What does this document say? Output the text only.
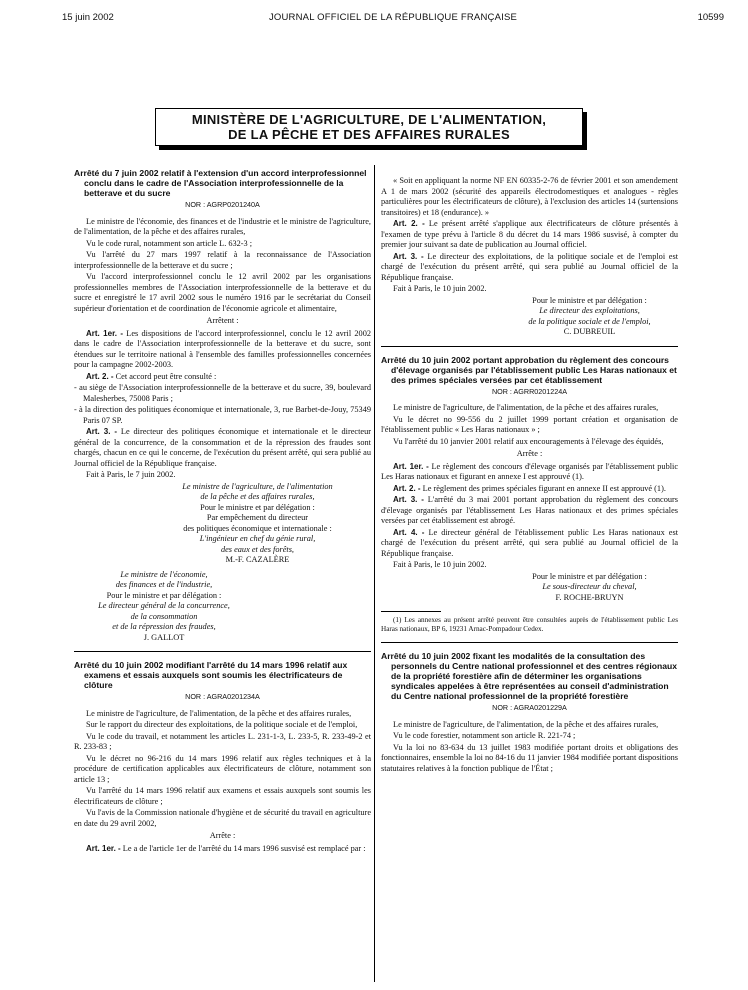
15 juin 2002	JOURNAL OFFICIEL DE LA RÉPUBLIQUE FRANÇAISE	10599
MINISTÈRE DE L'AGRICULTURE, DE L'ALIMENTATION,
DE LA PÊCHE ET DES AFFAIRES RURALES

Arrêté du 7 juin 2002 relatif à l'extension d'un accord interprofessionnel conclu dans le cadre de l'Association interprofessionnelle de la betterave et du sucre

NOR : AGRP0201240A

Le ministre de l'économie, des finances et de l'industrie et le ministre de l'agriculture, de l'alimentation, de la pêche et des affaires rurales,

Vu le code rural, notamment son article L. 632-3 ;

Vu l'arrêté du 27 mars 1997 relatif à la reconnaissance de l'Association interprofessionnelle de la betterave et du sucre ;

Vu l'accord interprofessionnel conclu le 12 avril 2002 par les organisations professionnelles membres de l'Association interprofessionnelle de la betterave et du sucre et enregistré le 17 avril 2002 sous le numéro 1916 par le secrétariat du Conseil supérieur d'orientation et de coordination de l'économie agricole et alimentaire,

Arrêtent :

Art. 1er. - Les dispositions de l'accord interprofessionnel, conclu le 12 avril 2002 dans le cadre de l'Association interprofessionnelle de la betterave et du sucre, sont étendues sur le territoire national à l'ensemble des familles professionnelles concernées pour la campagne 2002-2003.

Art. 2. - Cet accord peut être consulté :

- au siège de l'Association interprofessionnelle de la betterave et du sucre, 39, boulevard Malesherbes, 75008 Paris ;

- à la direction des politiques économique et internationale, 3, rue Barbet-de-Jouy, 75349 Paris 07 SP.

Art. 3. - Le directeur des politiques économique et internationale et le directeur général de la concurrence, de la consommation et de la répression des fraudes sont chargés, chacun en ce qui le concerne, de l'exécution du présent arrêté, qui sera publié au Journal officiel de la République française.

Fait à Paris, le 7 juin 2002.

Le ministre de l'agriculture, de l'alimentation

de la pêche et des affaires rurales,

Pour le ministre et par délégation :

Par empêchement du directeur

des politiques économique et internationale :

L'ingénieur en chef du génie rural,

des eaux et des forêts,

M.-F. CAZALÈRE

Le ministre de l'économie,

des finances et de l'industrie,

Pour le ministre et par délégation :

Le directeur général de la concurrence,

de la consommation

et de la répression des fraudes,

J. GALLOT

Arrêté du 10 juin 2002 modifiant l'arrêté du 14 mars 1996 relatif aux examens et essais auxquels sont soumis les électrificateurs de clôture

NOR : AGRA0201234A

Le ministre de l'agriculture, de l'alimentation, de la pêche et des affaires rurales,

Sur le rapport du directeur des exploitations, de la politique sociale et de l'emploi,

Vu le code du travail, et notamment les articles L. 231-1-3, L. 233-5, R. 233-49-2 et R. 233-83 ;

Vu le décret no 96-216 du 14 mars 1996 relatif aux règles techniques et à la procédure de certification applicables aux électrificateurs de clôture, notamment son article 13 ;

Vu l'arrêté du 14 mars 1996 relatif aux examens et essais auxquels sont soumis les électrificateurs de clôture ;

Vu l'avis de la Commission nationale d'hygiène et de sécurité du travail en agriculture en date du 29 avril 2002,

Arrête :

Art. 1er. - Le a de l'article 1er de l'arrêté du 14 mars 1996 susvisé est remplacé par :

« Soit en appliquant la norme NF EN 60335-2-76 de février 2001 et son amendement A 1 de mars 2002 (sécurité des appareils électrodomestiques et analogues - règles particulières pour les électrificateurs de clôture), à l'exclusion des articles 14 (surtensions transitoires) et 18 (endurance). »

Art. 2. - Le présent arrêté s'applique aux électrificateurs de clôture présentés à l'examen de type prévu à l'article 8 du décret du 14 mars 1986 susvisé, à compter du premier jour suivant sa date de publication au Journal officiel.

Art. 3. - Le directeur des exploitations, de la politique sociale et de l'emploi est chargé de l'exécution du présent arrêté, qui sera publié au Journal officiel de la République française.

Fait à Paris, le 10 juin 2002.

Pour le ministre et par délégation :

Le directeur des exploitations,

de la politique sociale et de l'emploi,

C. DUBREUIL

Arrêté du 10 juin 2002 portant approbation du règlement des concours d'élevage organisés par l'établissement public Les Haras nationaux et des primes spéciales versées par cet établissement

NOR : AGRR0201224A

Le ministre de l'agriculture, de l'alimentation, de la pêche et des affaires rurales,

Vu le décret no 99-556 du 2 juillet 1999 portant création et organisation de l'établissement public « Les Haras nationaux » ;

Vu l'arrêté du 10 janvier 2001 relatif aux encouragements à l'élevage des équidés,

Arrête :

Art. 1er. - Le règlement des concours d'élevage organisés par l'établissement public Les Haras nationaux et figurant en annexe I est approuvé (1).

Art. 2. - Le règlement des primes spéciales figurant en annexe II est approuvé (1).

Art. 3. - L'arrêté du 3 mai 2001 portant approbation du règlement des concours d'élevage organisés par l'établissement Les Haras nationaux et des primes spéciales versées par cet établissement est abrogé.

Art. 4. - Le directeur général de l'établissement public Les Haras nationaux est chargé de l'exécution du présent arrêté, qui sera publié au Journal officiel de la République française.

Fait à Paris, le 10 juin 2002.

Pour le ministre et par délégation :

Le sous-directeur du cheval,

F. ROCHE-BRUYN

(1) Les annexes au présent arrêté peuvent être consultées auprès de l'établissement public Les Haras nationaux, BP 6, 19231 Arnac-Pompadour Cedex.

Arrêté du 10 juin 2002 fixant les modalités de la consultation des personnels du Centre national professionnel et des centres régionaux de la propriété forestière afin de déterminer les organisations syndicales appelées à être représentées au conseil d'administration du Centre national professionnel de la propriété forestière

NOR : AGRA0201229A

Le ministre de l'agriculture, de l'alimentation, de la pêche et des affaires rurales,

Vu le code forestier, notamment son article R. 221-74 ;

Vu la loi no 83-634 du 13 juillet 1983 modifiée portant droits et obligations des fonctionnaires, ensemble la loi no 84-16 du 11 janvier 1984 modifiée portant dispositions statutaires relatives à la fonction publique de l'État ;
